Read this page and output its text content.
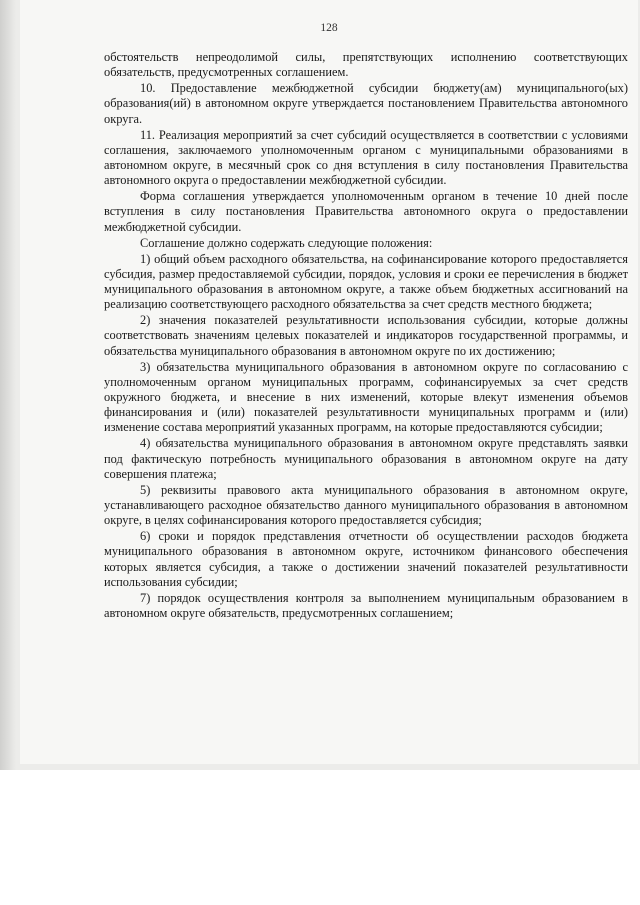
128

обстоятельств непреодолимой силы, препятствующих исполнению соответствующих обязательств, предусмотренных соглашением.

10. Предоставление межбюджетной субсидии бюджету(ам) муниципального(ых) образования(ий) в автономном округе утверждается постановлением Правительства автономного округа.

11. Реализация мероприятий за счет субсидий осуществляется в соответствии с условиями соглашения, заключаемого уполномоченным органом с муниципальными образованиями в автономном округе, в месячный срок со дня вступления в силу постановления Правительства автономного округа о предоставлении межбюджетной субсидии.

Форма соглашения утверждается уполномоченным органом в течение 10 дней после вступления в силу постановления Правительства автономного округа о предоставлении межбюджетной субсидии.

Соглашение должно содержать следующие положения:

1) общий объем расходного обязательства, на софинансирование которого предоставляется субсидия, размер предоставляемой субсидии, порядок, условия и сроки ее перечисления в бюджет муниципального образования в автономном округе, а также объем бюджетных ассигнований на реализацию соответствующего расходного обязательства за счет средств местного бюджета;

2) значения показателей результативности использования субсидии, которые должны соответствовать значениям целевых показателей и индикаторов государственной программы, и обязательства муниципального образования в автономном округе по их достижению;

3) обязательства муниципального образования в автономном округе по согласованию с уполномоченным органом муниципальных программ, софинансируемых за счет средств окружного бюджета, и внесение в них изменений, которые влекут изменения объемов финансирования и (или) показателей результативности муниципальных программ и (или) изменение состава мероприятий указанных программ, на которые предоставляются субсидии;

4) обязательства муниципального образования в автономном округе представлять заявки под фактическую потребность муниципального образования в автономном округе на дату совершения платежа;

5) реквизиты правового акта муниципального образования в автономном округе, устанавливающего расходное обязательство данного муниципального образования в автономном округе, в целях софинансирования которого предоставляется субсидия;

6) сроки и порядок представления отчетности об осуществлении расходов бюджета муниципального образования в автономном округе, источником финансового обеспечения которых является субсидия, а также о достижении значений показателей результативности использования субсидии;

7) порядок осуществления контроля за выполнением муниципальным образованием в автономном округе обязательств, предусмотренных соглашением;
